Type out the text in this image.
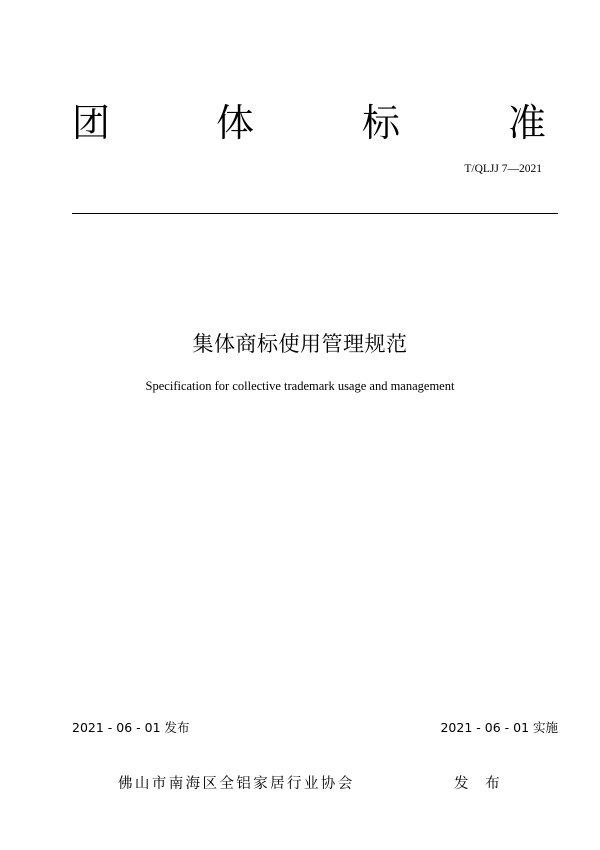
团	体	标	准
T/QLJJ 7—2021
集体商标使用管理规范
Specification for collective trademark usage and management
2021 - 06 - 01 发布	2021 - 06 - 01 实施
佛山市南海区全铝家居行业协会	发 布
